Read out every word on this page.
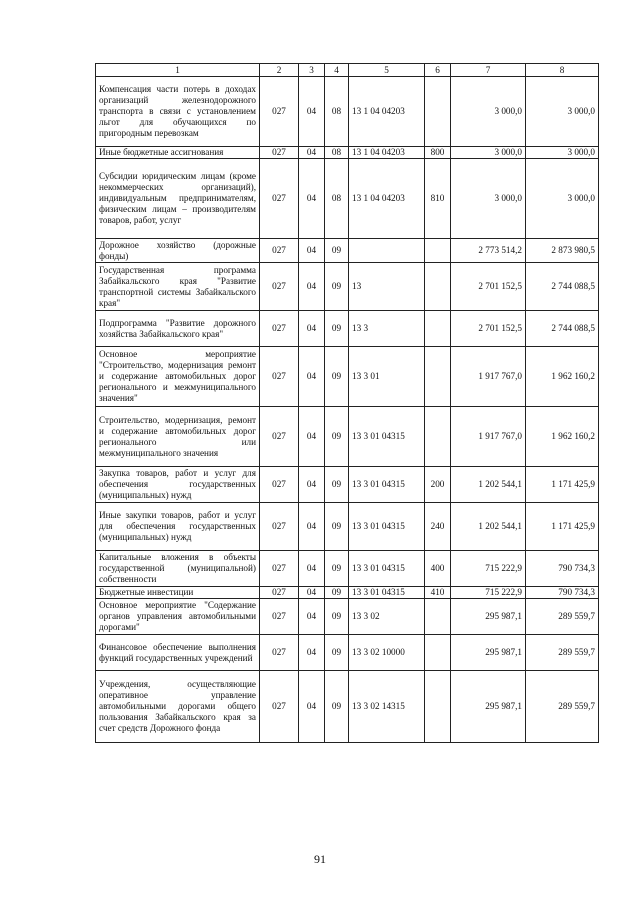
1	2	3	4	5	6	7	8
Компенсация части потерь в доходах организаций железнодорожного транспорта в связи с установлением льгот для обучающихся по пригородным перевозкам	027	04	08	13 1 04 04203		3 000,0	3 000,0
Иные бюджетные ассигнования	027	04	08	13 1 04 04203	800	3 000,0	3 000,0
Субсидии юридическим лицам (кроме некоммерческих организаций), индивидуальным предпринимателям, физическим лицам – производителям товаров, работ, услуг	027	04	08	13 1 04 04203	810	3 000,0	3 000,0
Дорожное хозяйство (дорожные фонды)	027	04	09			2 773 514,2	2 873 980,5
Государственная программа Забайкальского края "Развитие транспортной системы Забайкальского края"	027	04	09	13		2 701 152,5	2 744 088,5
Подпрограмма "Развитие дорожного хозяйства Забайкальского края"	027	04	09	13 3		2 701 152,5	2 744 088,5
Основное мероприятие "Строительство, модернизация ремонт и содержание автомобильных дорог регионального и межмуниципального значения"	027	04	09	13 3 01		1 917 767,0	1 962 160,2
Строительство, модернизация, ремонт и содержание автомобильных дорог регионального или межмуниципального значения	027	04	09	13 3 01 04315		1 917 767,0	1 962 160,2
Закупка товаров, работ и услуг для обеспечения государственных (муниципальных) нужд	027	04	09	13 3 01 04315	200	1 202 544,1	1 171 425,9
Иные закупки товаров, работ и услуг для обеспечения государственных (муниципальных) нужд	027	04	09	13 3 01 04315	240	1 202 544,1	1 171 425,9
Капитальные вложения в объекты государственной (муниципальной) собственности	027	04	09	13 3 01 04315	400	715 222,9	790 734,3
Бюджетные инвестиции	027	04	09	13 3 01 04315	410	715 222,9	790 734,3
Основное мероприятие "Содержание органов управления автомобильными дорогами"	027	04	09	13 3 02		295 987,1	289 559,7
Финансовое обеспечение выполнения функций государственных учреждений	027	04	09	13 3 02 10000		295 987,1	289 559,7
Учреждения, осуществляющие оперативное управление автомобильными дорогами общего пользования Забайкальского края за счет средств Дорожного фонда	027	04	09	13 3 02 14315		295 987,1	289 559,7
91
